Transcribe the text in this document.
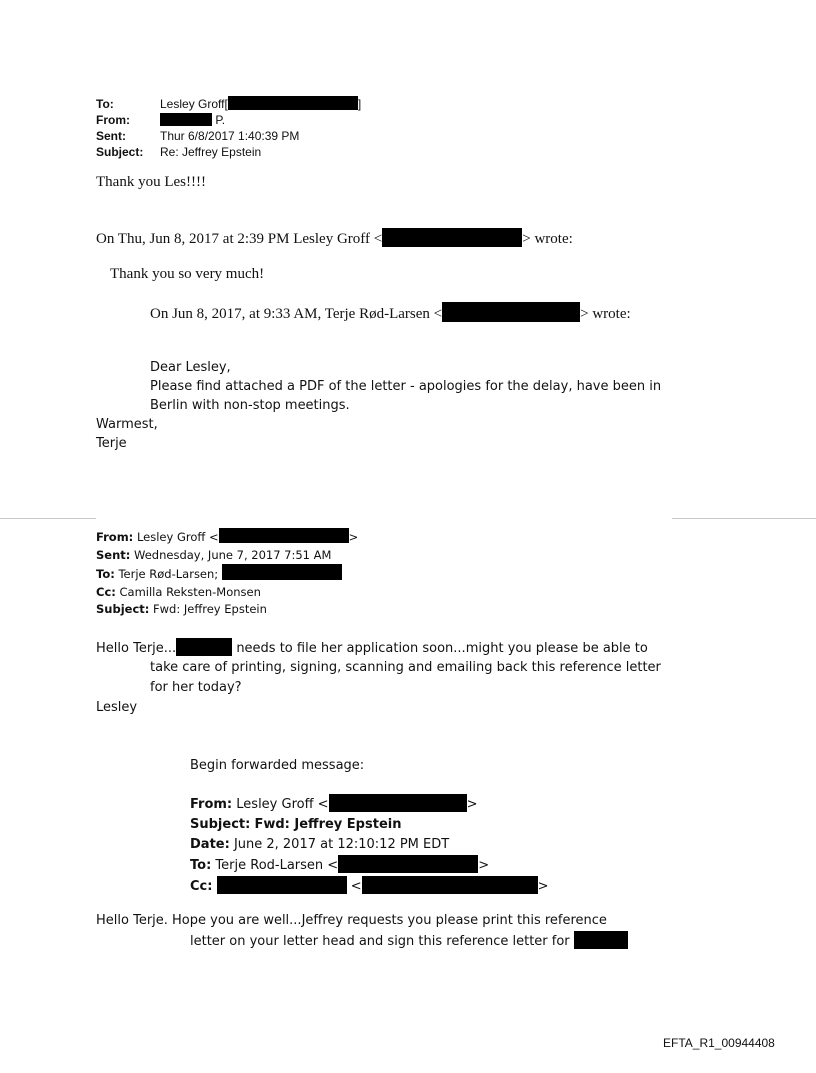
To:	Lesley Groff[	]
From:	P.
Sent:	Thur 6/8/2017 1:40:39 PM
Subject: Re: Jeffrey Epstein
Thank you Les!!!!
On Thu, Jun 8, 2017 at 2:39 PM Lesley Groff <	> wrote:
Thank you so very much!
On Jun 8, 2017, at 9:33 AM, Terje Rød-Larsen <	> wrote:
Dear Lesley,
Please find attached a PDF of the letter - apologies for the delay, have been in
Berlin with non-stop meetings.
Warmest,
Terje
From: Lesley Groff <	>
Sent: Wednesday, June 7, 2017 7:51 AM
To: Terje Rød-Larsen;
Cc: Camilla Reksten-Monsen
Subject: Fwd: Jeffrey Epstein
Hello Terje...	needs to file her application soon...might you please be able to
take care of printing, signing, scanning and emailing back this reference letter
for her today?
Lesley
Begin forwarded message:
From: Lesley Groff <	>
Subject: Fwd: Jeffrey Epstein
Date: June 2, 2017 at 12:10:12 PM EDT
To: Terje Rod-Larsen <	>
Cc:	<	>
Hello Terje. Hope you are well...Jeffrey requests you please print this reference
letter on your letter head and sign this reference letter for
EFTA_R1_00944408
